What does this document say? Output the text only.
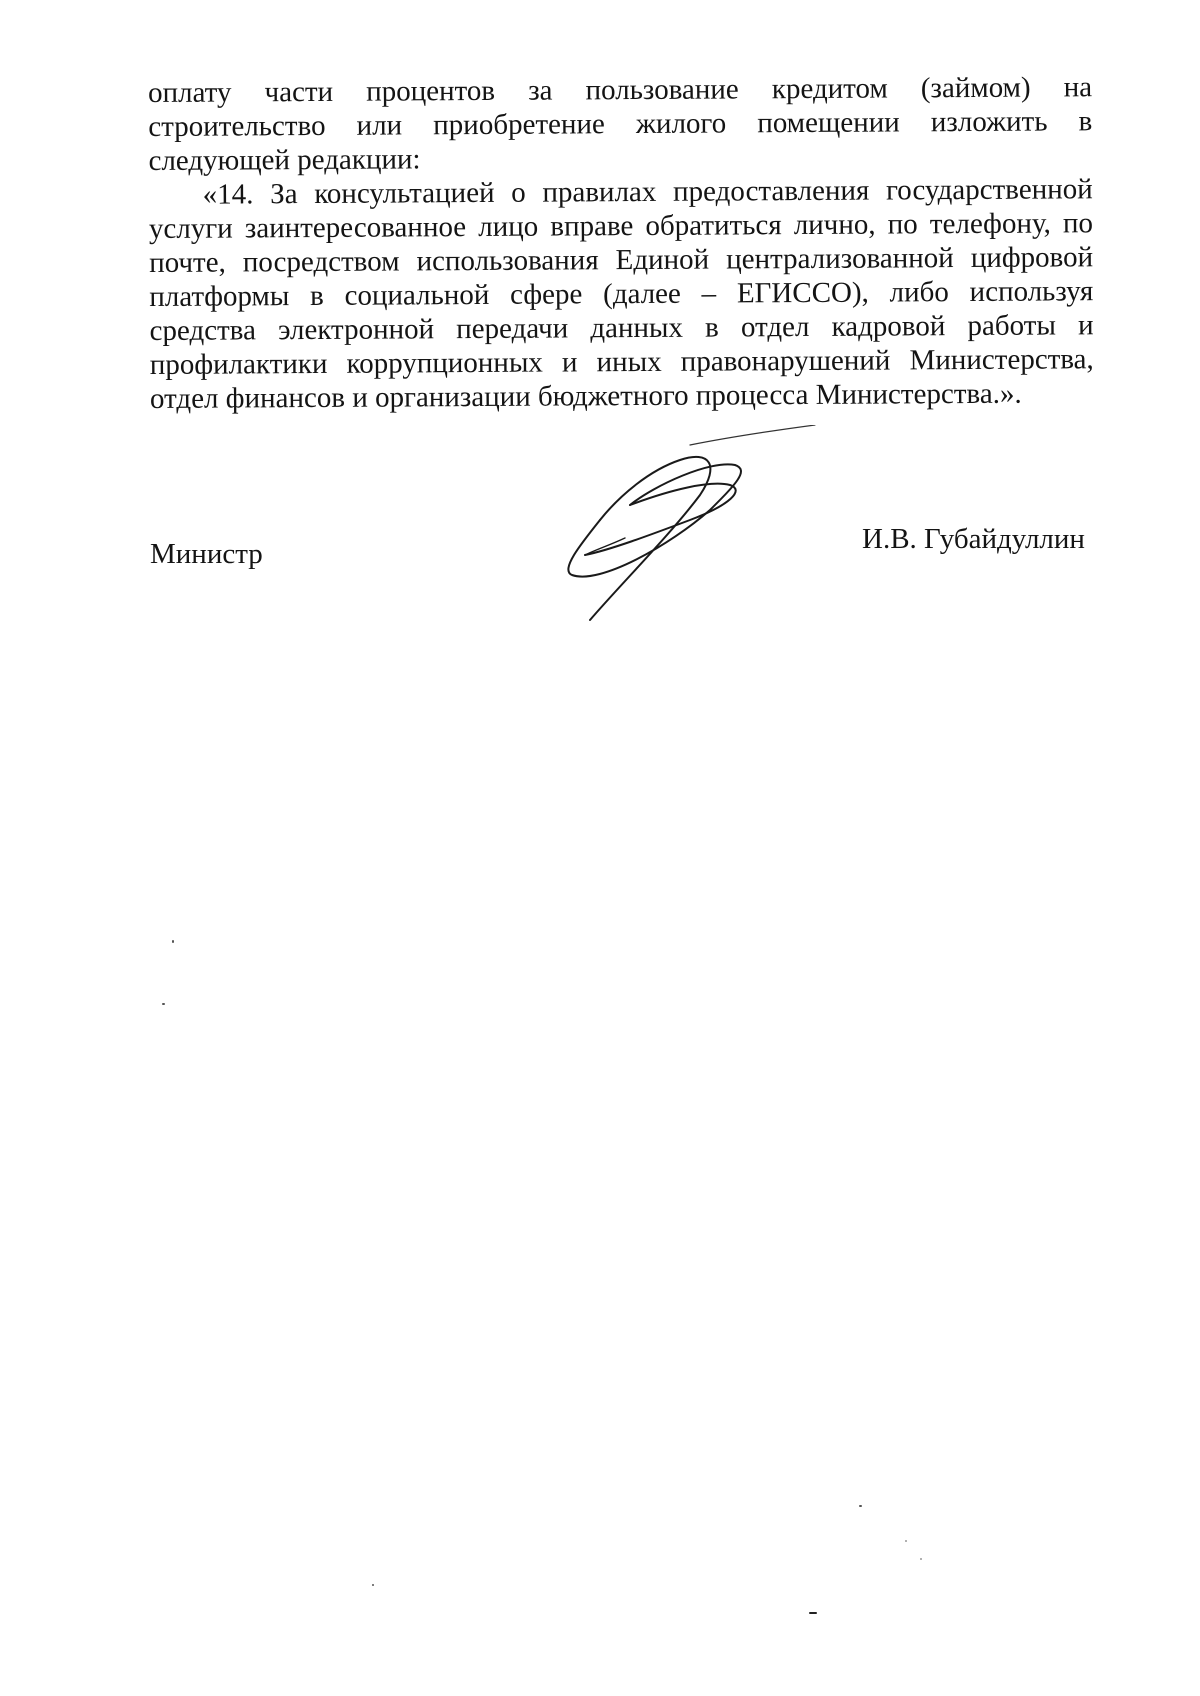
оплату части процентов за пользование кредитом (займом) на строительство или приобретение жилого помещении изложить в следующей редакции:

«14. За консультацией о правилах предоставления государственной услуги заинтересованное лицо вправе обратиться лично, по телефону, по почте, посредством использования Единой централизованной цифровой платформы в социальной сфере (далее – ЕГИССО), либо используя средства электронной передачи данных в отдел кадровой работы и профилактики коррупционных и иных правонарушений Министерства, отдел финансов и организации бюджетного процесса Министерства.».

Министр	И.В. Губайдуллин
